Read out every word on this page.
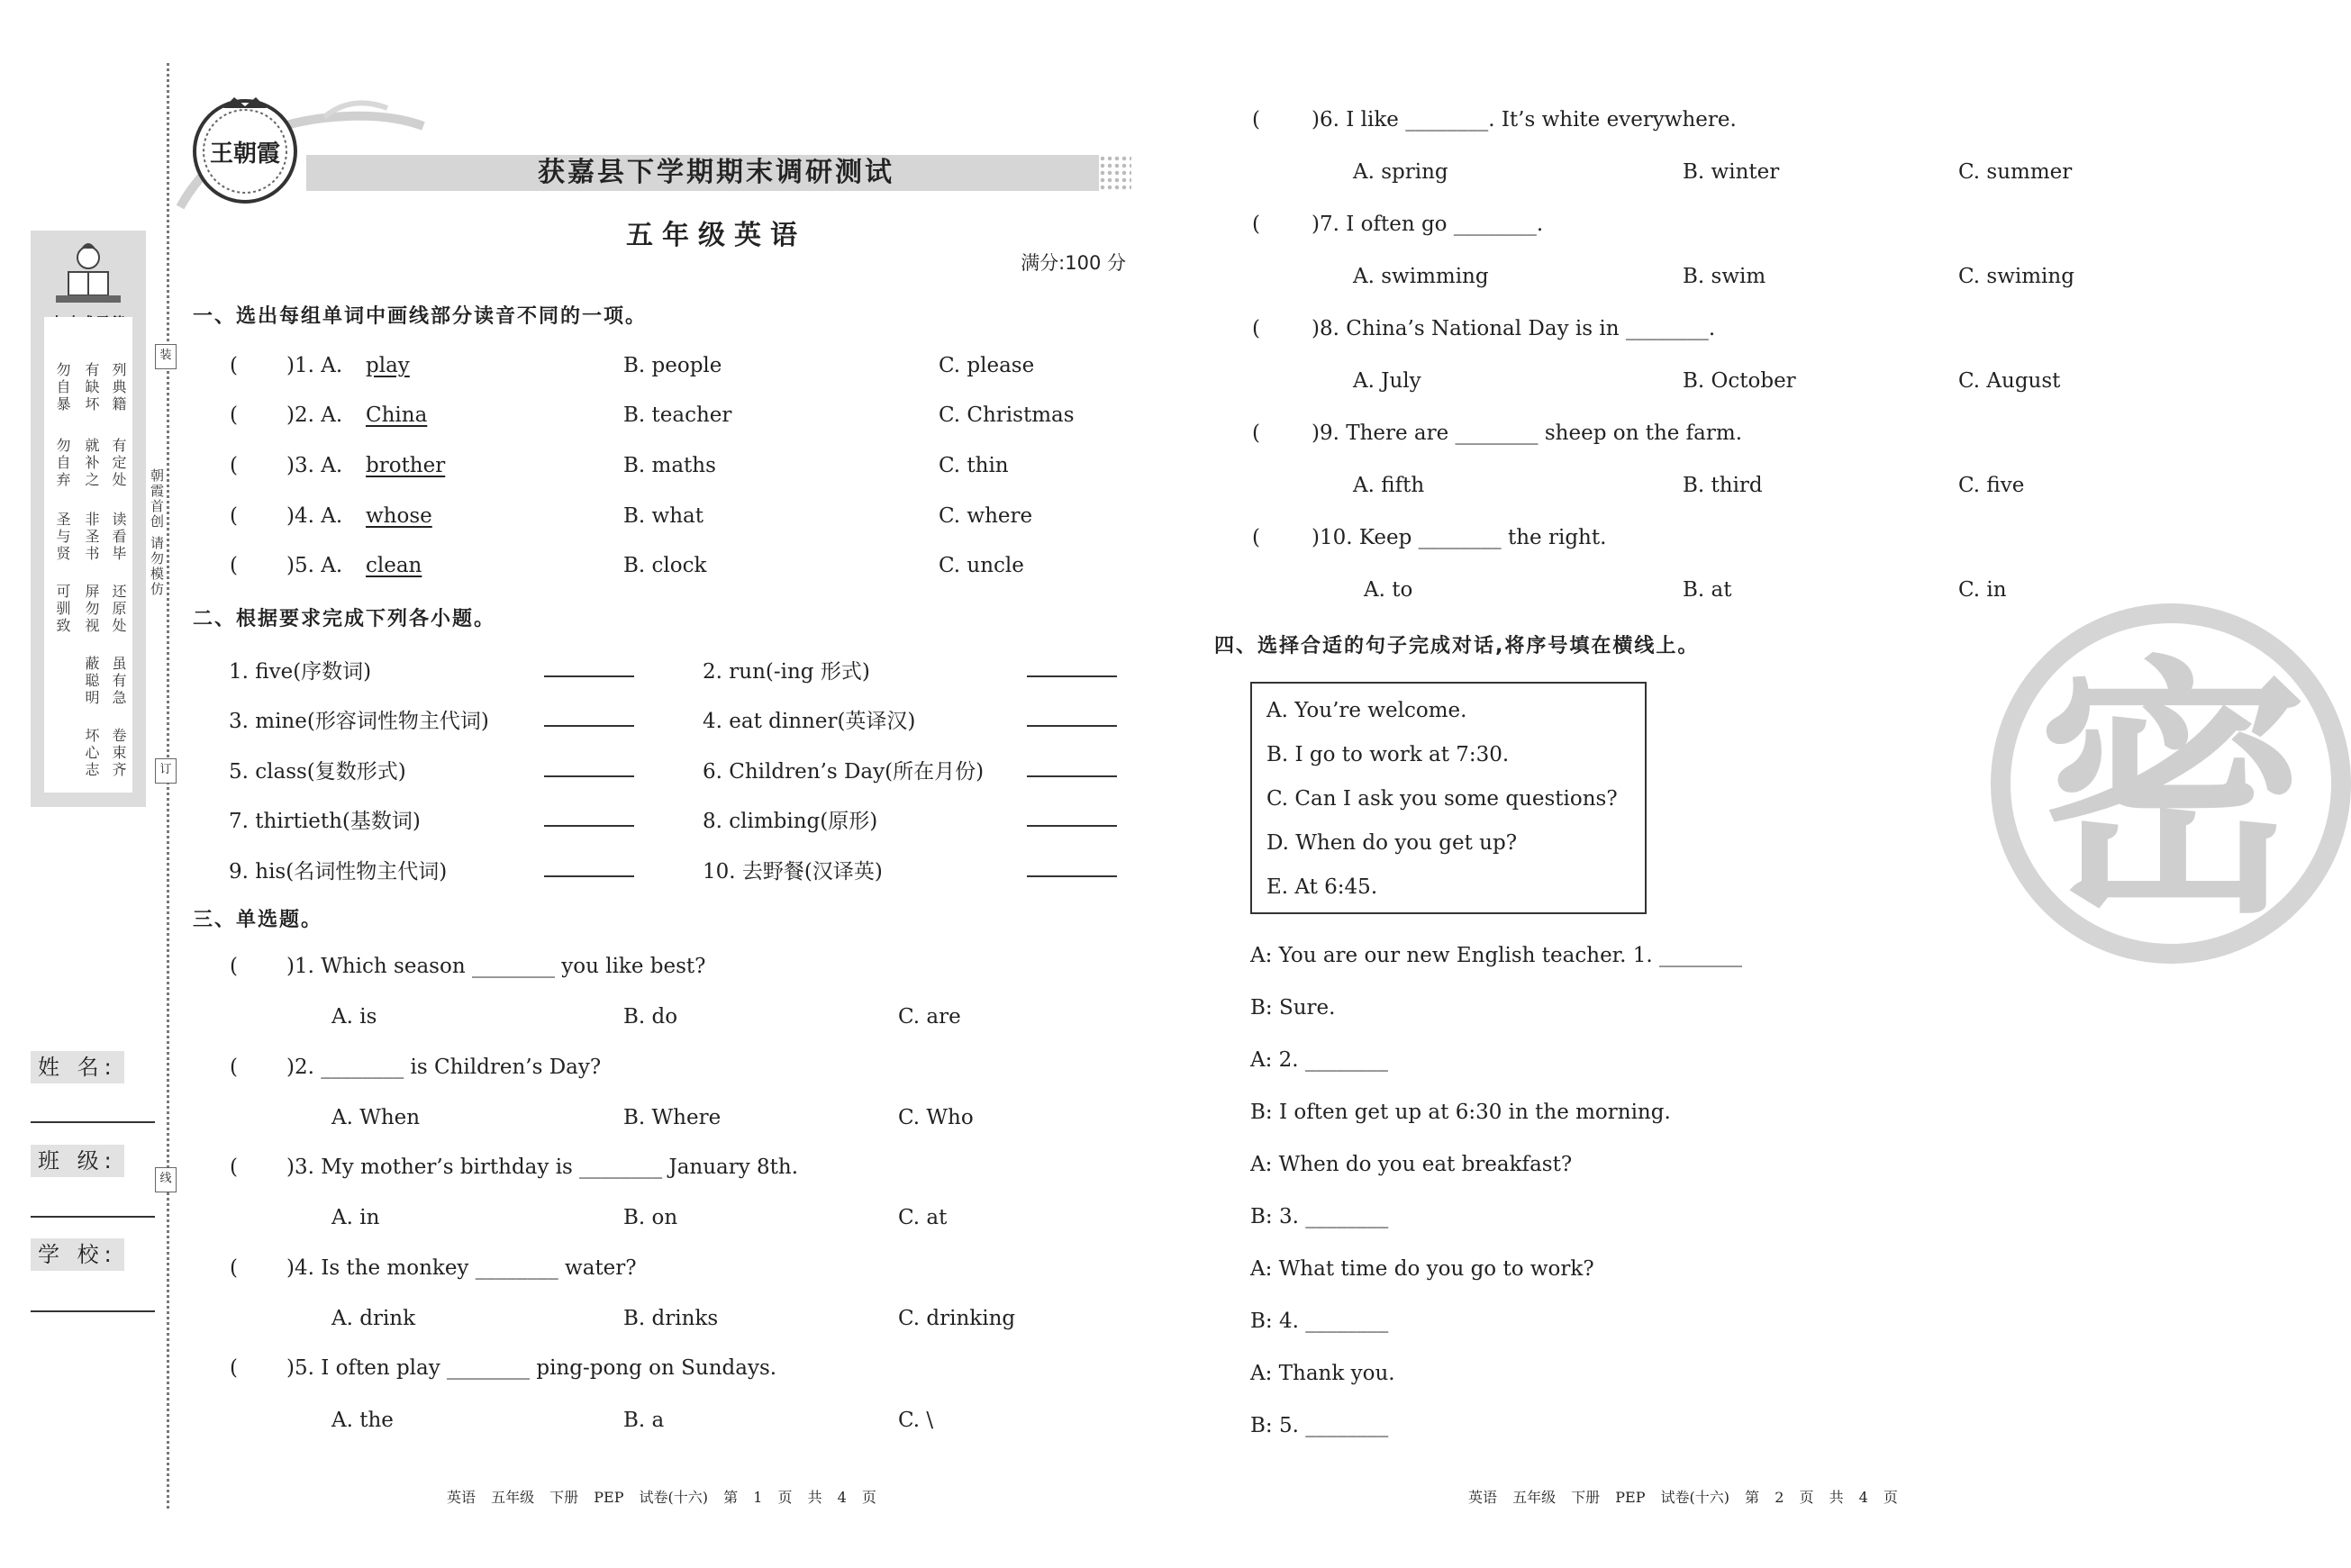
勿自暴 有缺坏 列典籍
勿自弃 就补之 有定处
圣与贤 非圣书 读看毕
可驯致 屏勿视 还原处
蔽聪明 虽有急
坏心志 卷束齐
装
订
线
朝霞首创 请勿模仿
姓 名:
班 级:
学 校:
王朝霞
获嘉县下学期期末调研测试
五年级英语
满分:100 分
一、选出每组单词中画线部分读音不同的一项。
( )1. A. play	B. people	C. please
( )2. A. China	B. teacher	C. Christmas
( )3. A. brother	B. maths	C. thin
( )4. A. whose	B. what	C. where
( )5. A. clean	B. clock	C. uncle
二、根据要求完成下列各小题。
1. five(序数词)	2. run(-ing 形式)
3. mine(形容词性物主代词)	4. eat dinner(英译汉)
5. class(复数形式)	6. Children’s Day(所在月份)
7. thirtieth(基数词)	8. climbing(原形)
9. his(名词性物主代词)	10. 去野餐(汉译英)
三、单选题。
( )1. Which season ________ you like best?
A. is	B. do	C. are
( )2. ________ is Children’s Day?
A. When	B. Where	C. Who
( )3. My mother’s birthday is ________ January 8th.
A. in	B. on	C. at
( )4. Is the monkey ________ water?
A. drink	B. drinks	C. drinking
( )5. I often play ________ ping-pong on Sundays.
A. the	B. a	C. \
( )6. I like ________. It’s white everywhere.
A. spring	B. winter	C. summer
( )7. I often go ________.
A. swimming	B. swim	C. swiming
( )8. China’s National Day is in ________.
A. July	B. October	C. August
( )9. There are ________ sheep on the farm.
A. fifth	B. third	C. five
( )10. Keep ________ the right.
A. to	B. at	C. in
密
四、选择合适的句子完成对话,将序号填在横线上。
A. You’re welcome.
B. I go to work at 7:30.
C. Can I ask you some questions?
D. When do you get up?
E. At 6:45.
A: You are our new English teacher. 1. ________
B: Sure.
A: 2. ________
B: I often get up at 6:30 in the morning.
A: When do you eat breakfast?
B: 3. ________
A: What time do you go to work?
B: 4. ________
A: Thank you.
B: 5. ________
英语 五年级 下册 PEP 试卷(十六) 第 1 页 共 4 页	英语 五年级 下册 PEP 试卷(十六) 第 2 页 共 4 页
